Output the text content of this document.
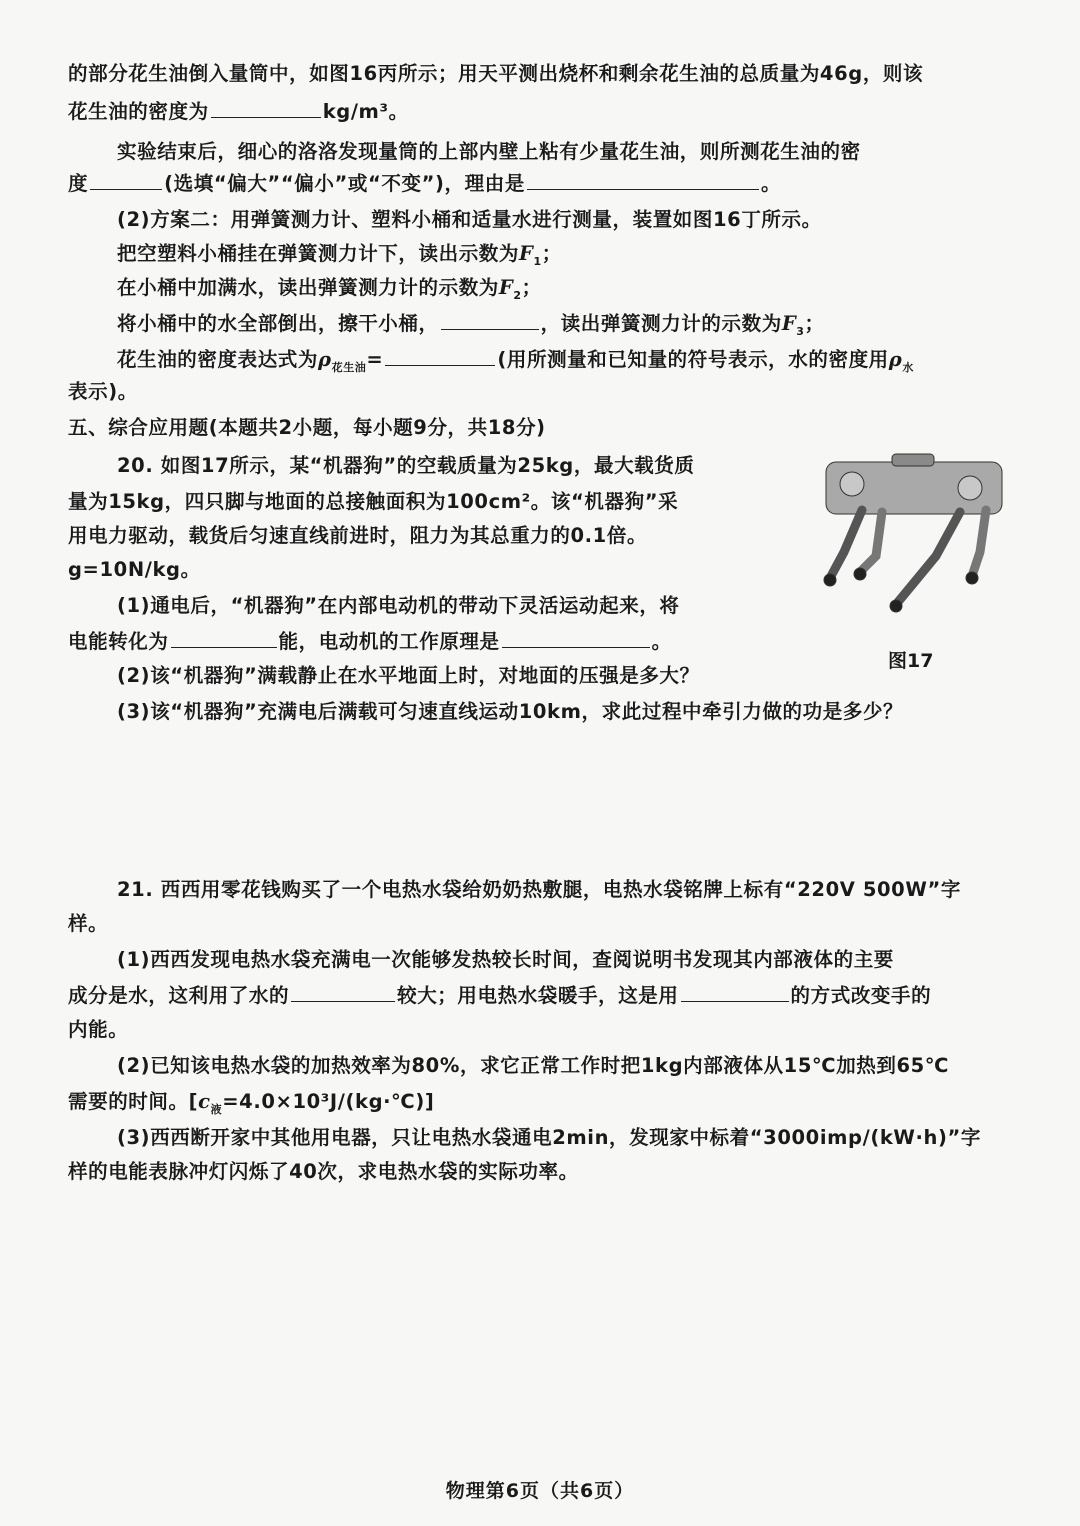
的部分花生油倒入量筒中，如图16丙所示；用天平测出烧杯和剩余花生油的总质量为46g，则该
花生油的密度为	kg/m³。
实验结束后，细心的洛洛发现量筒的上部内壁上粘有少量花生油，则所测花生油的密
度	(选填“偏大”“偏小”或“不变”)，理由是	。
(2)方案二：用弹簧测力计、塑料小桶和适量水进行测量，装置如图16丁所示。
把空塑料小桶挂在弹簧测力计下，读出示数为$F_1$；
在小桶中加满水，读出弹簧测力计的示数为$F_2$；
将小桶中的水全部倒出，擦干小桶，	，读出弹簧测力计的示数为$F_3$；
花生油的密度表达式为$\rho_{花生油}=$	(用所测量和已知量的符号表示，水的密度用$\rho_水$
表示)。
五、综合应用题(本题共2小题，每小题9分，共18分)
20. 如图17所示，某“机器狗”的空载质量为25kg，最大载货质
量为15kg，四只脚与地面的总接触面积为100cm²。该“机器狗”采
用电力驱动，载货后匀速直线前进时，阻力为其总重力的0.1倍。
g=10N/kg。
(1)通电后，“机器狗”在内部电动机的带动下灵活运动起来，将
电能转化为	能，电动机的工作原理是	。
(2)该“机器狗”满载静止在水平地面上时，对地面的压强是多大？
(3)该“机器狗”充满电后满载可匀速直线运动10km，求此过程中牵引力做的功是多少？
图17
21. 西西用零花钱购买了一个电热水袋给奶奶热敷腿，电热水袋铭牌上标有“220V 500W”字
样。
(1)西西发现电热水袋充满电一次能够发热较长时间，查阅说明书发现其内部液体的主要
成分是水，这利用了水的	较大；用电热水袋暖手，这是用	的方式改变手的
内能。
(2)已知该电热水袋的加热效率为80%，求它正常工作时把1kg内部液体从15℃加热到65℃
需要的时间。$[c_液=4.0\times 10^3J/(kg\cdot℃)]$
(3)西西断开家中其他用电器，只让电热水袋通电2min，发现家中标着“3000imp/(kW·h)”字
样的电能表脉冲灯闪烁了40次，求电热水袋的实际功率。
物理第6页（共6页）
